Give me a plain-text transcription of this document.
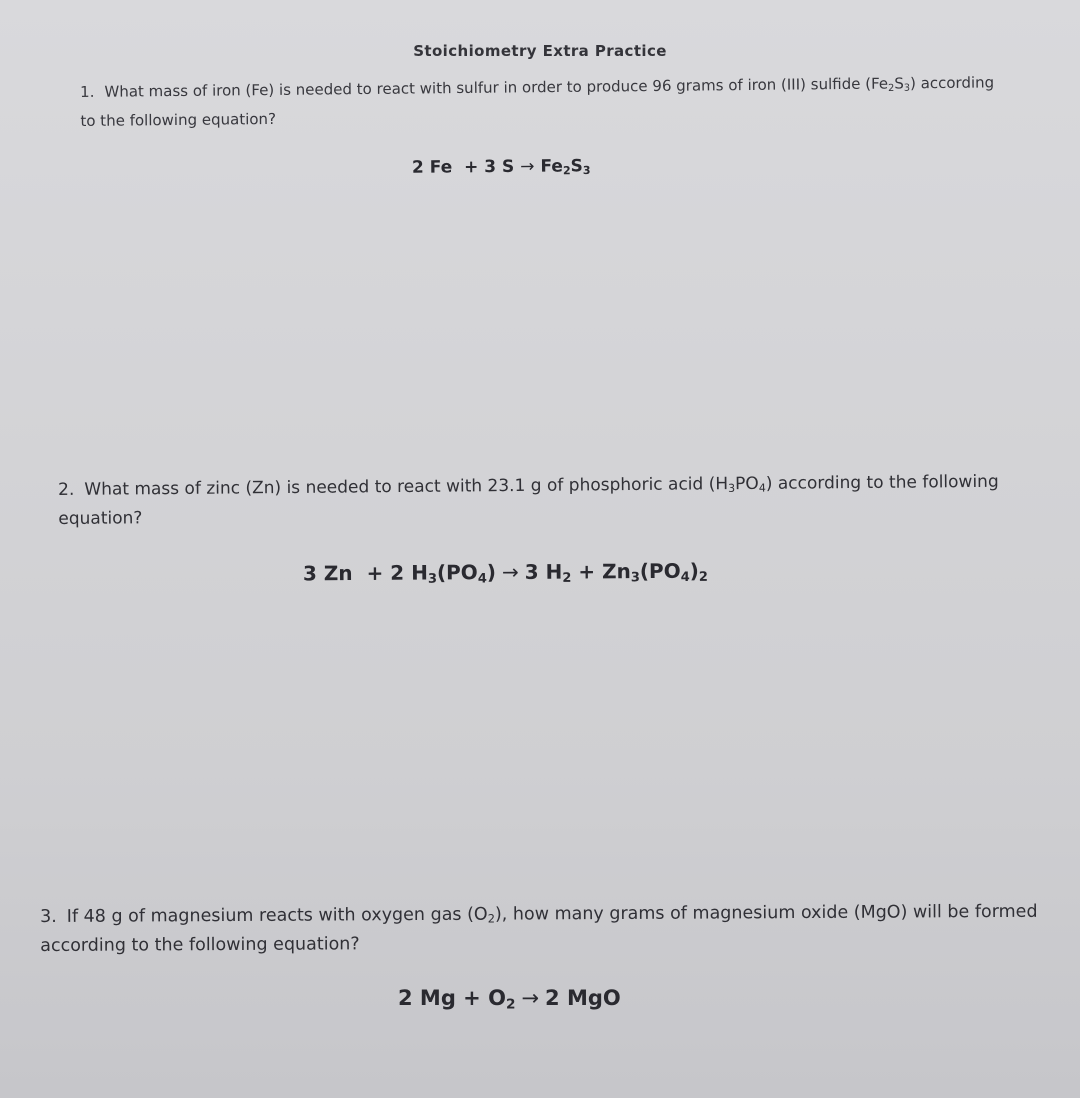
Stoichiometry Extra Practice
1. What mass of iron (Fe) is needed to react with sulfur in order to produce 96 grams of iron (III) sulfide $(Fe_2S_3)$ according to the following equation?
2 Fe  + 3 $S \to Fe_2S_3$
2. What mass of zinc (Zn) is needed to react with 23.1 g of phosphoric acid $(H_3PO_4)$ according to the following equation?
3 Zn  + 2 $H_3(PO_4) \to 3$ $H_2 + Zn_3(PO_4)_2$
3. If 48 g of magnesium reacts with oxygen gas $(O_2)$, how many grams of magnesium oxide (MgO) will be formed according to the following equation?
2 $Mg + O_2 \to 2$ MgO
